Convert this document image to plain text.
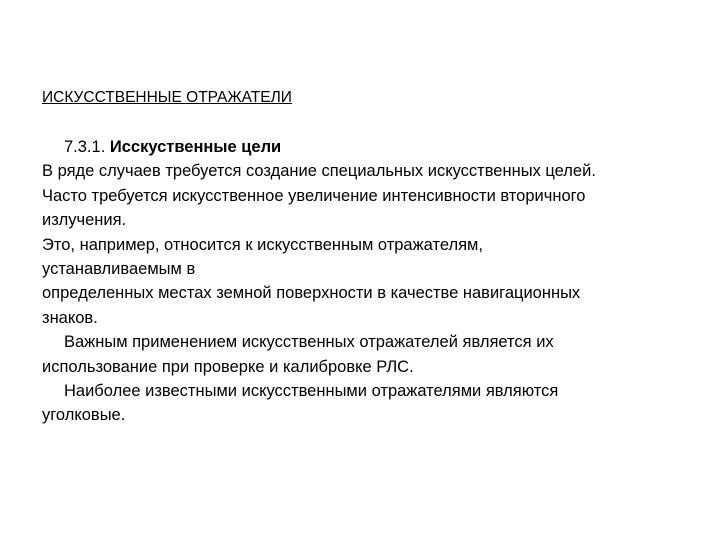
ИСКУССТВЕННЫЕ ОТРАЖАТЕЛИ
7.3.1. Исскуственные цели
В ряде случаев требуется создание специальных искусственных целей.
Часто требуется искусственное увеличение интенсивности вторичного
излучения.
Это, например, относится к искусственным отражателям,
устанавливаемым в
определенных местах земной поверхности в качестве навигационных
знаков.
Важным применением искусственных отражателей является их
использование при проверке и калибровке РЛС.
Наиболее известными искусственными отражателями являются
уголковые.
